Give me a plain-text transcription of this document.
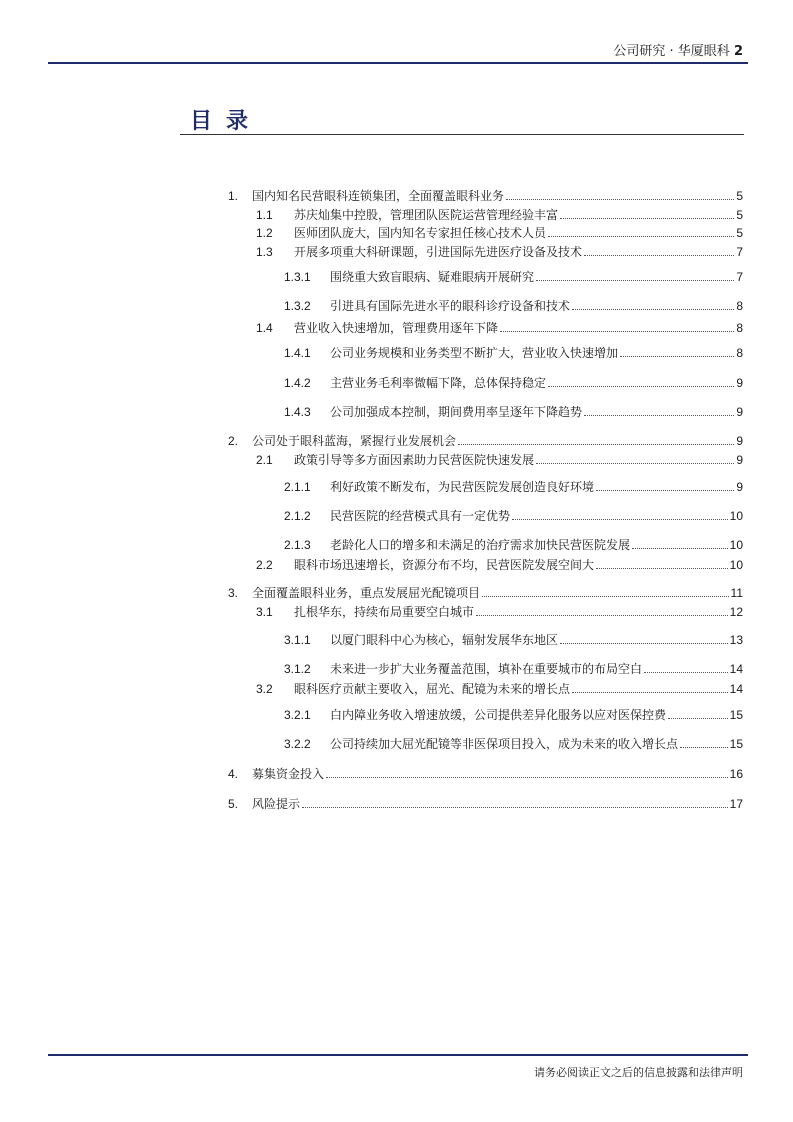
公司研究 · 华厦眼科 2
目录
1.	国内知名民营眼科连锁集团，全面覆盖眼科业务	5
1.1	苏庆灿集中控股，管理团队医院运营管理经验丰富	5
1.2	医师团队庞大，国内知名专家担任核心技术人员	5
1.3	开展多项重大科研课题，引进国际先进医疗设备及技术	7
1.3.1	围绕重大致盲眼病、疑难眼病开展研究	7
1.3.2	引进具有国际先进水平的眼科诊疗设备和技术	8
1.4	营业收入快速增加，管理费用逐年下降	8
1.4.1	公司业务规模和业务类型不断扩大，营业收入快速增加	8
1.4.2	主营业务毛利率微幅下降，总体保持稳定	9
1.4.3	公司加强成本控制，期间费用率呈逐年下降趋势	9
2.	公司处于眼科蓝海，紧握行业发展机会	9
2.1	政策引导等多方面因素助力民营医院快速发展	9
2.1.1	利好政策不断发布，为民营医院发展创造良好环境	9
2.1.2	民营医院的经营模式具有一定优势	10
2.1.3	老龄化人口的增多和未满足的治疗需求加快民营医院发展	10
2.2	眼科市场迅速增长，资源分布不均，民营医院发展空间大	10
3.	全面覆盖眼科业务，重点发展屈光配镜项目	11
3.1	扎根华东，持续布局重要空白城市	12
3.1.1	以厦门眼科中心为核心，辐射发展华东地区	13
3.1.2	未来进一步扩大业务覆盖范围，填补在重要城市的布局空白	14
3.2	眼科医疗贡献主要收入，屈光、配镜为未来的增长点	14
3.2.1	白内障业务收入增速放缓，公司提供差异化服务以应对医保控费	15
3.2.2	公司持续加大屈光配镜等非医保项目投入，成为未来的收入增长点	15
4.	募集资金投入	16
5.	风险提示	17
请务必阅读正文之后的信息披露和法律声明
